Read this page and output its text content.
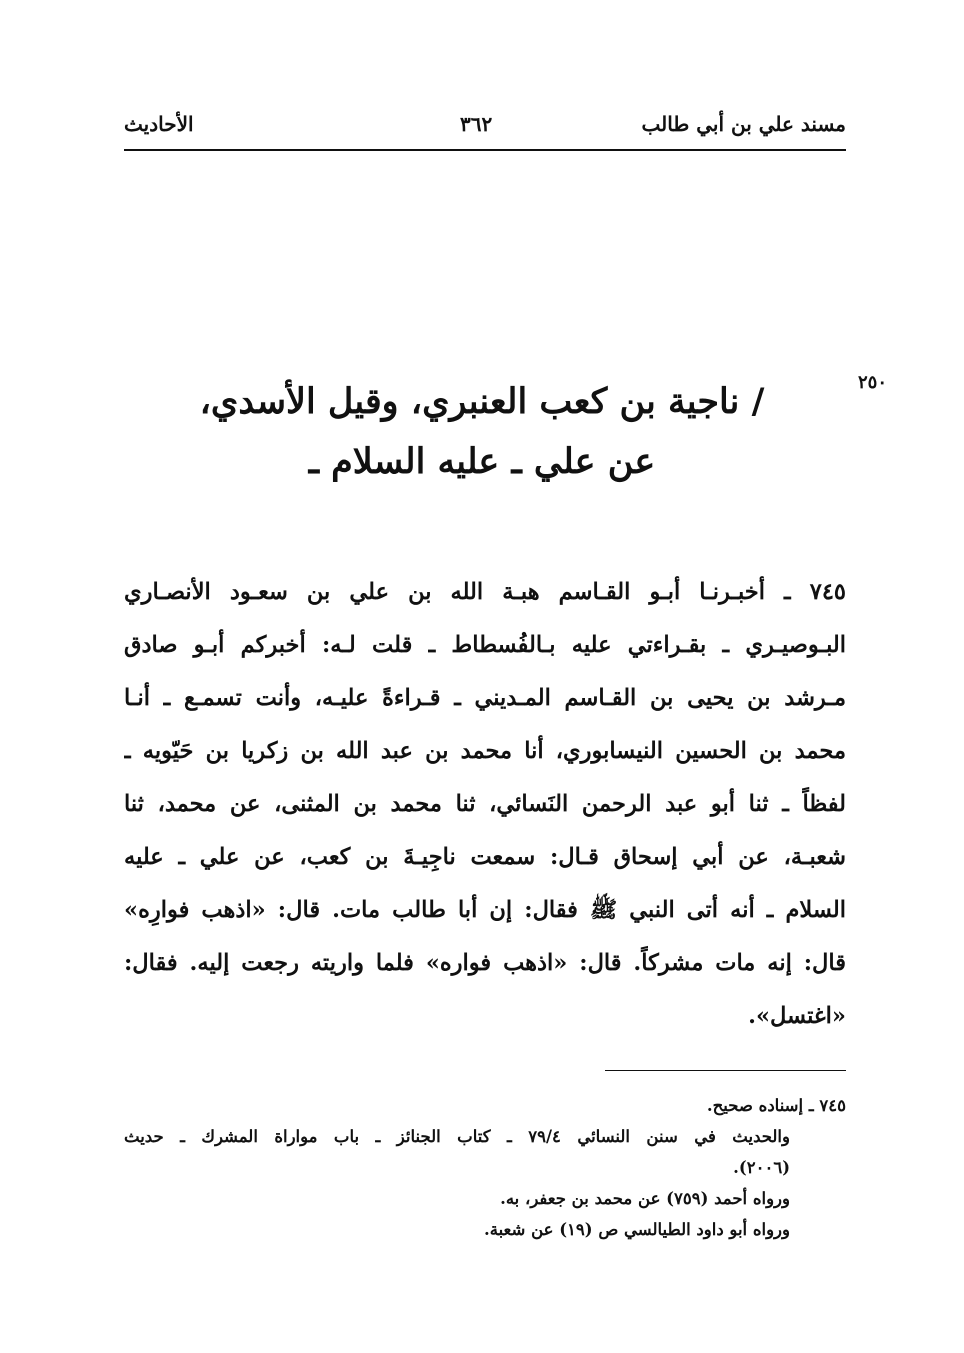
مسند علي بن أبي طالب
٣٦٢
الأحاديث
٢٥٠
/ ناجية بن كعب العنبري، وقيل الأسدي،
عن علي ـ عليه السلام ـ
٧٤٥ ـ أخبـرنـا أبـو القـاسم هبـة الله بن علي بن سعـود الأنصـاري
البـوصيـري ـ بقـراءتي عليه بـالفُسطاط ـ قلت لـه: أخبركم أبـو صادق
مـرشد بن يحيى بن القـاسم المـديني ـ قـراءةً عليـه، وأنت تسمـع ـ أنـا
محمد بن الحسين النيسابوري، أنا محمد بن عبد الله بن زكريا بن حَيّويه ـ
لفظاً ـ ثنا أبو عبد الرحمن النَسائي، ثنا محمد بن المثنى، عن محمد، ثنا
شعبـة، عن أبي إسحاق قـال: سمعت ناجِيـةَ بن كعب، عن علي ـ عليه
السلام ـ أنه أتى النبي ﷺ فقال: إن أبا طالب مات. قال: «اذهب فوارِه»
قال: إنه مات مشركاً. قال: «اذهب فواره» فلما واريته رجعت إليه. فقال:
«اغتسل».
٧٤٥ ـ إسناده صحيح.
والحديث في سنن النسائي ٧٩/٤ ـ كتاب الجنائز ـ باب مواراة المشرك ـ حديث
(٢٠٠٦).
ورواه أحمد (٧٥٩) عن محمد بن جعفر، به.
ورواه أبو داود الطيالسي ص (١٩) عن شعبة.
